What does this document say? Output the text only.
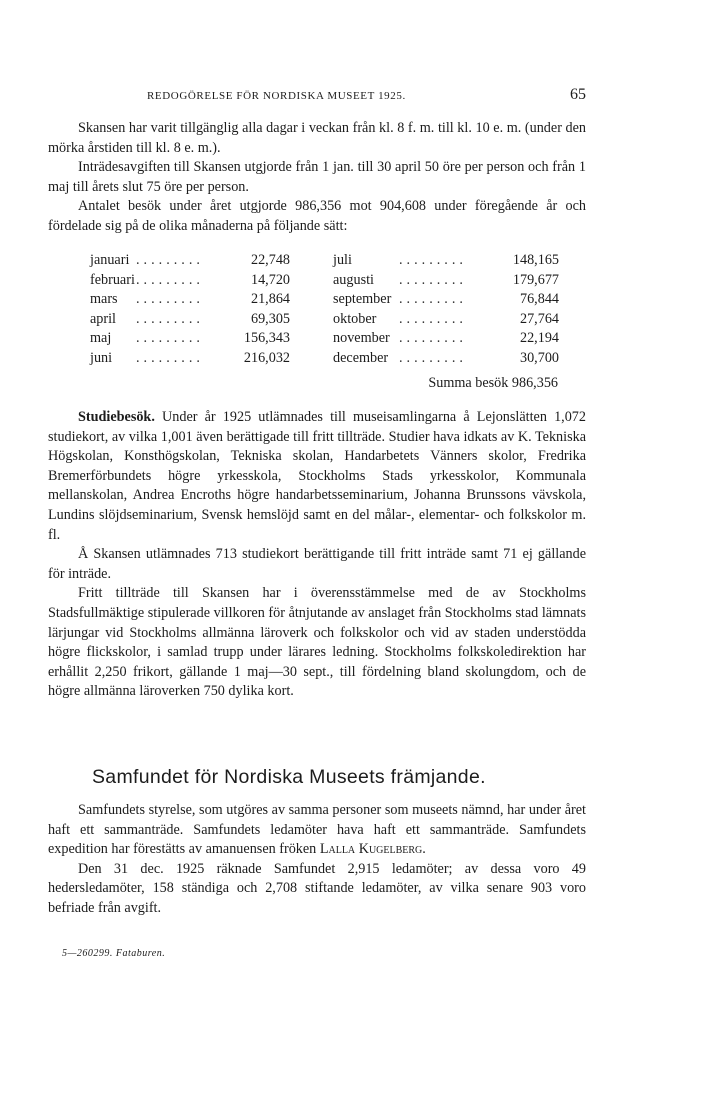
REDOGÖRELSE FÖR NORDISKA MUSEET 1925.	65

Skansen har varit tillgänglig alla dagar i veckan från kl. 8 f. m. till kl. 10 e. m. (under den mörka årstiden till kl. 8 e. m.).

Inträdesavgiften till Skansen utgjorde från 1 jan. till 30 april 50 öre per person och från 1 maj till årets slut 75 öre per person.

Antalet besök under året utgjorde 986,356 mot 904,608 under föregående år och fördelade sig på de olika månaderna på följande sätt:

januari .........	22,748
februari .........	14,720
mars .........	21,864
april .........	69,305
maj .........	156,343
juni .........	216,032
juli	.........	148,165
augusti .........	179,677
september .........	76,844
oktober .........	27,764
november .........	22,194
december .........	30,700
Summa besök 986,356

Studiebesök. Under år 1925 utlämnades till museisamlingarna å Lejonslätten 1,072 studiekort, av vilka 1,001 även berättigade till fritt tillträde. Studier hava idkats av K. Tekniska Högskolan, Konsthögskolan, Tekniska skolan, Handarbetets Vänners skolor, Fredrika Bremerförbundets högre yrkesskola, Stockholms Stads yrkesskolor, Kommunala mellanskolan, Andrea Encroths högre handarbetsseminarium, Johanna Brunssons vävskola, Lundins slöjdseminarium, Svensk hemslöjd samt en del målar-, elementar- och folkskolor m. fl.

Å Skansen utlämnades 713 studiekort berättigande till fritt inträde samt 71 ej gällande för inträde.

Fritt tillträde till Skansen har i överensstämmelse med de av Stockholms Stadsfullmäktige stipulerade villkoren för åtnjutande av anslaget från Stockholms stad lämnats lärjungar vid Stockholms allmänna läroverk och folkskolor och vid av staden understödda högre flickskolor, i samlad trupp under lärares ledning. Stockholms folkskoledirektion har erhållit 2,250 frikort, gällande 1 maj—30 sept., till fördelning bland skolungdom, och de högre allmänna läroverken 750 dylika kort.

Samfundet för Nordiska Museets främjande.

Samfundets styrelse, som utgöres av samma personer som museets nämnd, har under året haft ett sammanträde. Samfundets ledamöter hava haft ett sammanträde. Samfundets expedition har förestätts av amanuensen fröken Lalla Kugelberg.

Den 31 dec. 1925 räknade Samfundet 2,915 ledamöter; av dessa voro 49 hedersledamöter, 158 ständiga och 2,708 stiftande ledamöter, av vilka senare 903 voro befriade från avgift.

5—260299. Fataburen.
